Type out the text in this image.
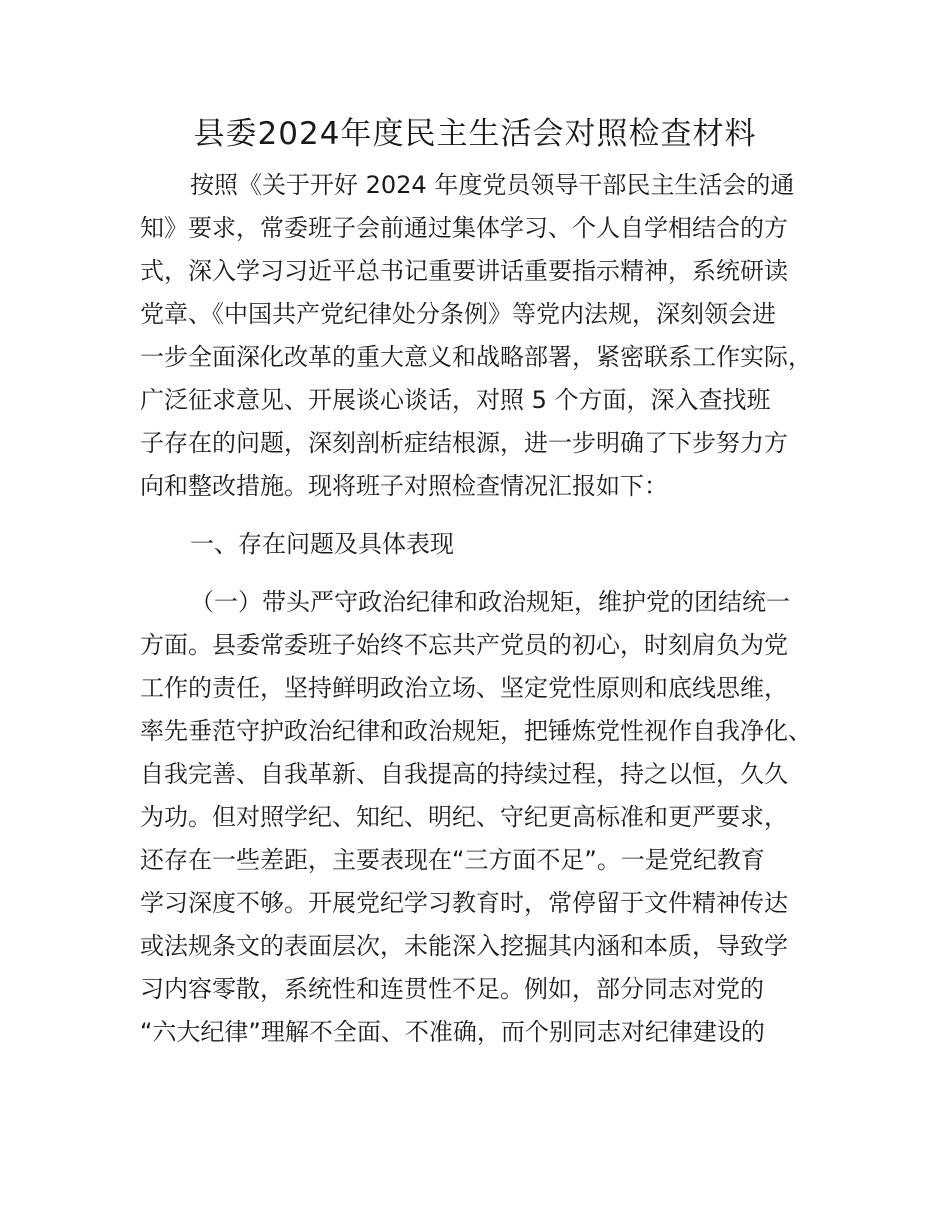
县委2024年度民主生活会对照检查材料
按照《关于开好 2024 年度党员领导干部民主生活会的通
知》要求，常委班子会前通过集体学习、个人自学相结合的方
式，深入学习习近平总书记重要讲话重要指示精神，系统研读
党章、《中国共产党纪律处分条例》等党内法规，深刻领会进
一步全面深化改革的重大意义和战略部署，紧密联系工作实际，
广泛征求意见、开展谈心谈话，对照 5 个方面，深入查找班
子存在的问题，深刻剖析症结根源，进一步明确了下步努力方
向和整改措施。现将班子对照检查情况汇报如下：
一、存在问题及具体表现
（一）带头严守政治纪律和政治规矩，维护党的团结统一
方面。县委常委班子始终不忘共产党员的初心，时刻肩负为党
工作的责任，坚持鲜明政治立场、坚定党性原则和底线思维，
率先垂范守护政治纪律和政治规矩，把锤炼党性视作自我净化、
自我完善、自我革新、自我提高的持续过程，持之以恒，久久
为功。但对照学纪、知纪、明纪、守纪更高标准和更严要求，
还存在一些差距，主要表现在“三方面不足”。一是党纪教育
学习深度不够。开展党纪学习教育时，常停留于文件精神传达
或法规条文的表面层次，未能深入挖掘其内涵和本质，导致学
习内容零散，系统性和连贯性不足。例如，部分同志对党的
“六大纪律”理解不全面、不准确，而个别同志对纪律建设的
